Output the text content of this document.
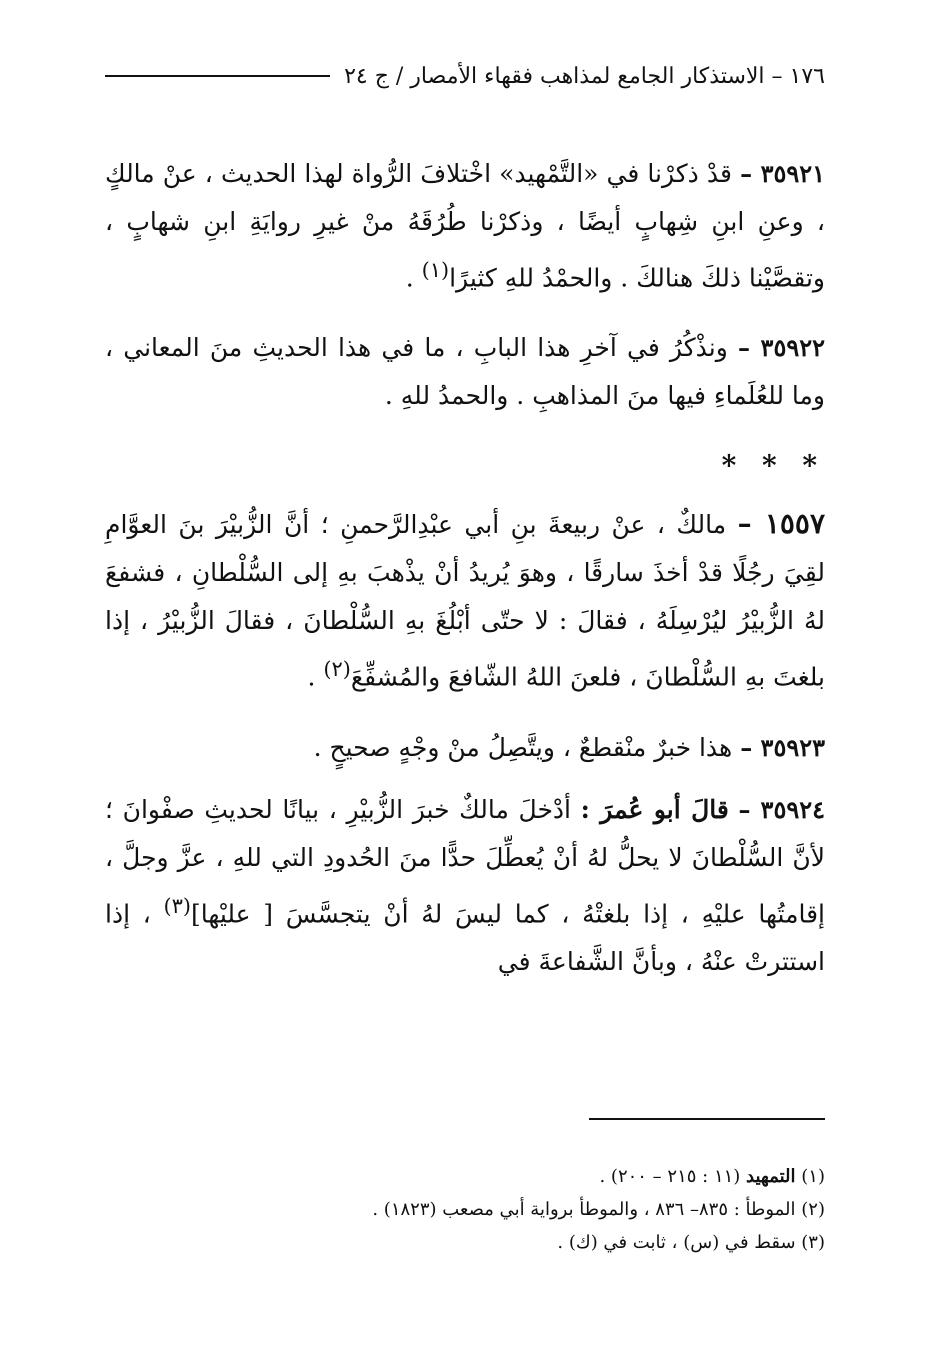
١٧٦ – الاستذكار الجامع لمذاهب فقهاء الأمصار / ج ٢٤

٣٥٩٢١ – قدْ ذكرْنا في «التَّمْهيد» اخْتلافَ الرُّواة لهذا الحديث ، عنْ مالكٍ ، وعنِ ابنِ شِهابٍ أيضًا ، وذكرْنا طُرُقَهُ منْ غيرِ روايَةِ ابنِ شهابٍ ، وتقصَّيْنا ذلكَ هنالكَ . والحمْدُ للهِ كثيرًا$^{(١)}$ .

٣٥٩٢٢ – ونذْكُرُ في آخرِ هذا البابِ ، ما في هذا الحديثِ منَ المعاني ، وما للعُلَماءِ فيها منَ المذاهبِ . والحمدُ للهِ .

* * *

١٥٥٧ – مالكٌ ، عنْ ربيعةَ بنِ أبي عبْدِالرَّحمنِ ؛ أنَّ الزُّبيْرَ بنَ العوَّامِ لقِيَ رجُلًا قدْ أخذَ سارقًا ، وهوَ يُريدُ أنْ يذْهبَ بهِ إلى السُّلْطانِ ، فشفعَ لهُ الزُّبيْرُ ليُرْسِلَهُ ، فقالَ : لا حتّى أبْلُغَ بهِ السُّلْطانَ ، فقالَ الزُّبيْرُ ، إذا بلغتَ بهِ السُّلْطانَ ، فلعنَ اللهُ الشّافعَ والمُشفِّعَ$^{(٢)}$ .

٣٥٩٢٣ – هذا خبرٌ منْقطعٌ ، ويتَّصِلُ منْ وجْهٍ صحيحٍ .

٣٥٩٢٤ – قالَ أبو عُمرَ : أدْخلَ مالكٌ خبرَ الزُّبيْرِ ، بيانًا لحديثِ صفْوانَ ؛ لأنَّ السُّلْطانَ لا يحلُّ لهُ أنْ يُعطِّلَ حدًّا منَ الحُدودِ التي للهِ ، عزَّ وجلَّ ، إقامتُها عليْهِ ، إذا بلغتْهُ ، كما ليسَ لهُ أنْ يتجسَّسَ [ عليْها]$^{(٣)}$ ، إذا استترتْ عنْهُ ، وبأنَّ الشَّفاعةَ في

(١) التمهيد (١١ : ٢١٥ – ٢٠٠) .

(٢) الموطأ : ٨٣٥– ٨٣٦ ، والموطأ برواية أبي مصعب (١٨٢٣) .

(٣) سقط في (س) ، ثابت في (ك) .
